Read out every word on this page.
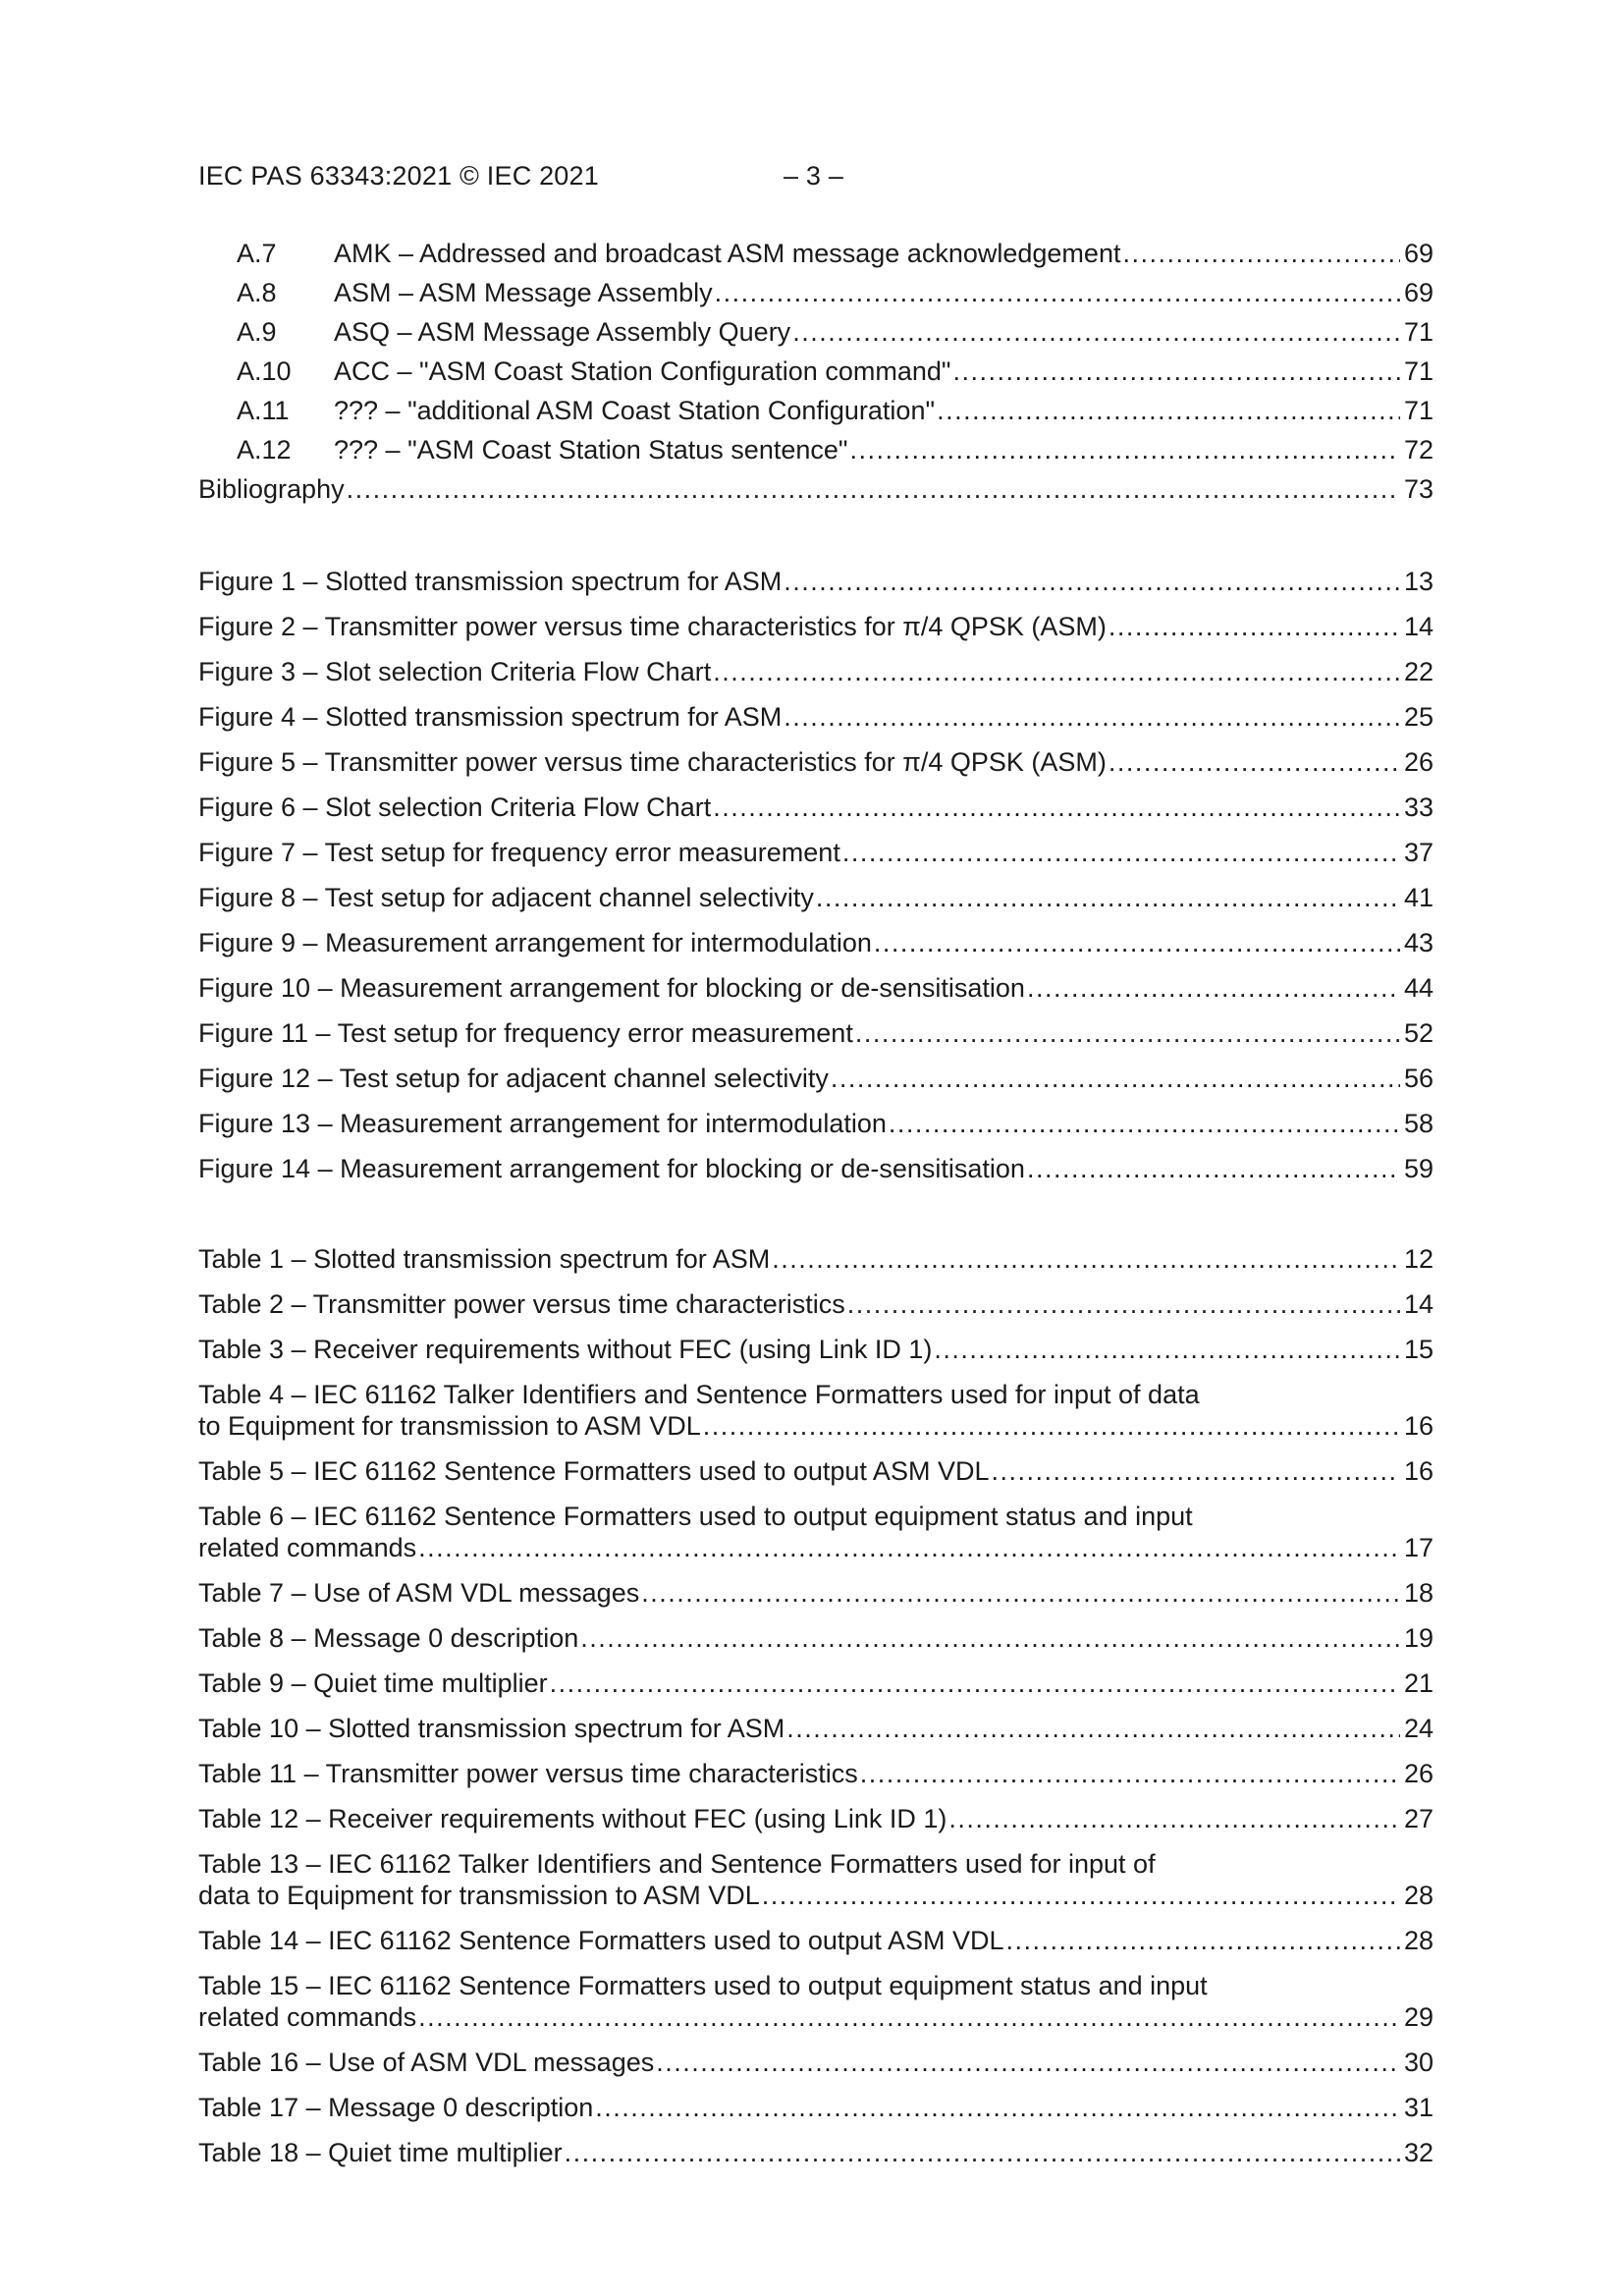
IEC PAS 63343:2021 © IEC 2021	– 3 –
A.7	AMK – Addressed and broadcast ASM message acknowledgement .....	69
A.8	ASM – ASM Message Assembly .....	69
A.9	ASQ – ASM Message Assembly Query .....	71
A.10	ACC – "ASM Coast Station Configuration command" .....	71
A.11	??? – "additional ASM Coast Station Configuration" .....	71
A.12	??? – "ASM Coast Station Status sentence" .....	72
Bibliography .....	73
Figure 1 – Slotted transmission spectrum for ASM .....	13
Figure 2 – Transmitter power versus time characteristics for π/4 QPSK (ASM) .....	14
Figure 3 – Slot selection Criteria Flow Chart .....	22
Figure 4 – Slotted transmission spectrum for ASM .....	25
Figure 5 – Transmitter power versus time characteristics for π/4 QPSK (ASM) .....	26
Figure 6 – Slot selection Criteria Flow Chart .....	33
Figure 7 – Test setup for frequency error measurement .....	37
Figure 8 – Test setup for adjacent channel selectivity .....	41
Figure 9 – Measurement arrangement for intermodulation .....	43
Figure 10 – Measurement arrangement for blocking or de-sensitisation .....	44
Figure 11 – Test setup for frequency error measurement .....	52
Figure 12 – Test setup for adjacent channel selectivity .....	56
Figure 13 – Measurement arrangement for intermodulation .....	58
Figure 14 – Measurement arrangement for blocking or de-sensitisation .....	59
Table 1 – Slotted transmission spectrum for ASM .....	12
Table 2 – Transmitter power versus time characteristics .....	14
Table 3 – Receiver requirements without FEC (using Link ID 1) .....	15
Table 4 – IEC 61162 Talker Identifiers and Sentence Formatters used for input of data
to Equipment for transmission to ASM VDL .....	16
Table 5 – IEC 61162 Sentence Formatters used to output ASM VDL .....	16
Table 6 – IEC 61162 Sentence Formatters used to output equipment status and input
related commands .....	17
Table 7 – Use of ASM VDL messages .....	18
Table 8 – Message 0 description .....	19
Table 9 – Quiet time multiplier .....	21
Table 10 – Slotted transmission spectrum for ASM .....	24
Table 11 – Transmitter power versus time characteristics .....	26
Table 12 – Receiver requirements without FEC (using Link ID 1) .....	27
Table 13 – IEC 61162 Talker Identifiers and Sentence Formatters used for input of
data to Equipment for transmission to ASM VDL .....	28
Table 14 – IEC 61162 Sentence Formatters used to output ASM VDL .....	28
Table 15 – IEC 61162 Sentence Formatters used to output equipment status and input
related commands .....	29
Table 16 – Use of ASM VDL messages .....	30
Table 17 – Message 0 description .....	31
Table 18 – Quiet time multiplier .....	32
